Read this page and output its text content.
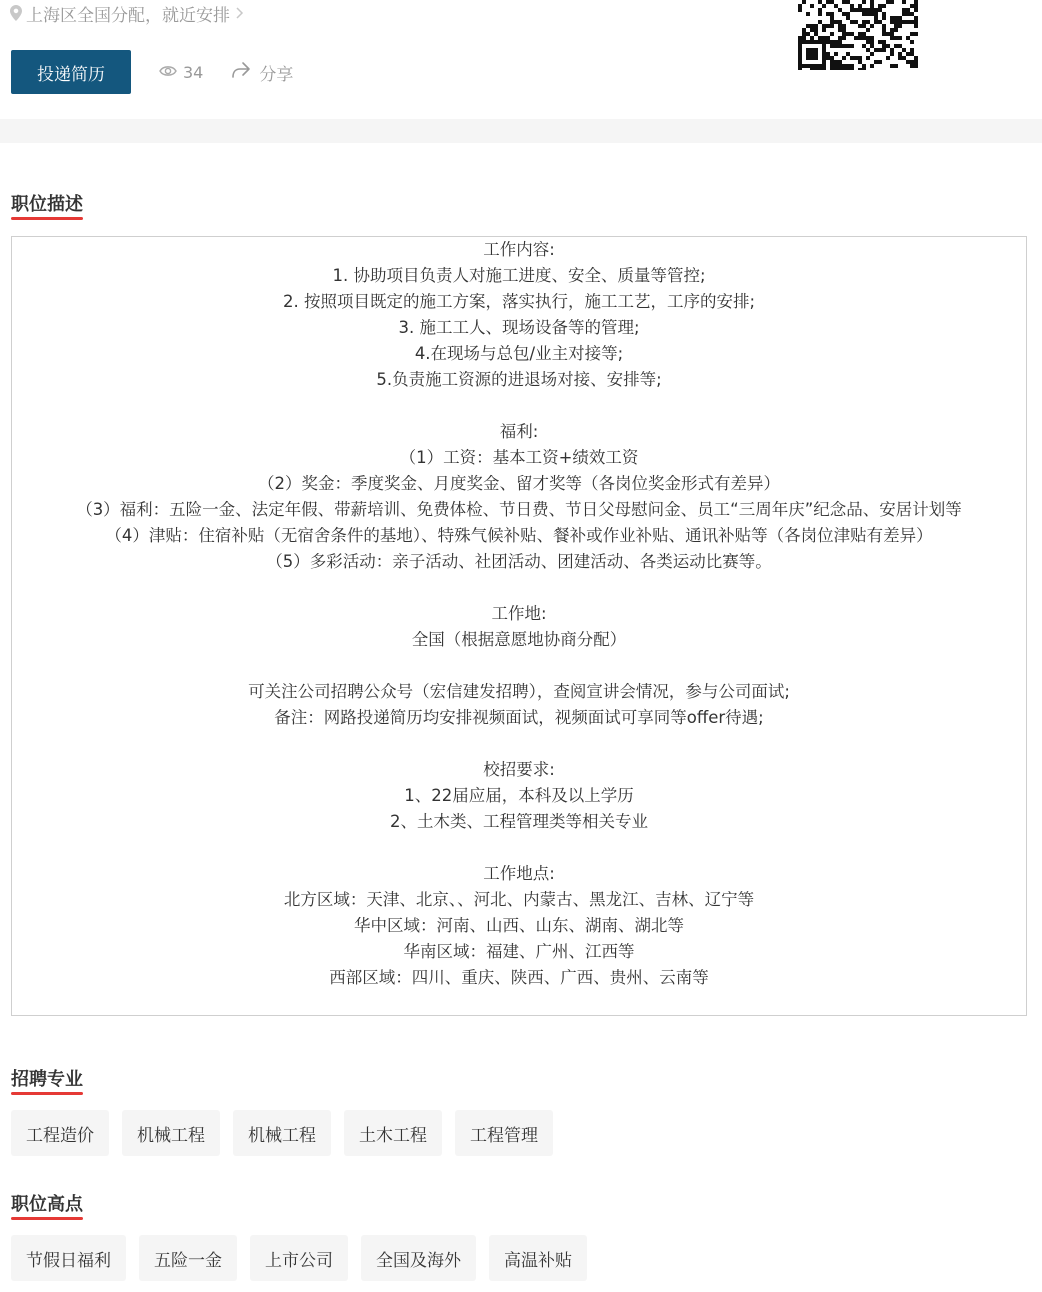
上海区全国分配，就近安排
投递简历	34	分享
职位描述
工作内容:
1. 协助项目负责人对施工进度、安全、质量等管控;
2. 按照项目既定的施工方案，落实执行，施工工艺，工序的安排;
3. 施工工人、现场设备等的管理;
4.在现场与总包/业主对接等;
5.负责施工资源的进退场对接、安排等;
福利:
（1）工资：基本工资+绩效工资
（2）奖金：季度奖金、月度奖金、留才奖等（各岗位奖金形式有差异）
（3）福利：五险一金、法定年假、带薪培训、免费体检、节日费、节日父母慰问金、员工“三周年庆”纪念品、安居计划等
（4）津贴：住宿补贴（无宿舍条件的基地）、特殊气候补贴、餐补或作业补贴、通讯补贴等（各岗位津贴有差异）
（5）多彩活动：亲子活动、社团活动、团建活动、各类运动比赛等。
工作地:
全国（根据意愿地协商分配）
可关注公司招聘公众号（宏信建发招聘），查阅宣讲会情况，参与公司面试;
备注：网路投递简历均安排视频面试，视频面试可享同等offer待遇;
校招要求:
1、22届应届，本科及以上学历
2、土木类、工程管理类等相关专业
工作地点:
北方区域：天津、北京、、河北、内蒙古、黑龙江、吉林、辽宁等
华中区域：河南、山西、山东、湖南、湖北等
华南区域：福建、广州、江西等
西部区域：四川、重庆、陕西、广西、贵州、云南等
招聘专业
工程造价	机械工程	机械工程	土木工程	工程管理
职位高点
节假日福利	五险一金	上市公司	全国及海外	高温补贴
